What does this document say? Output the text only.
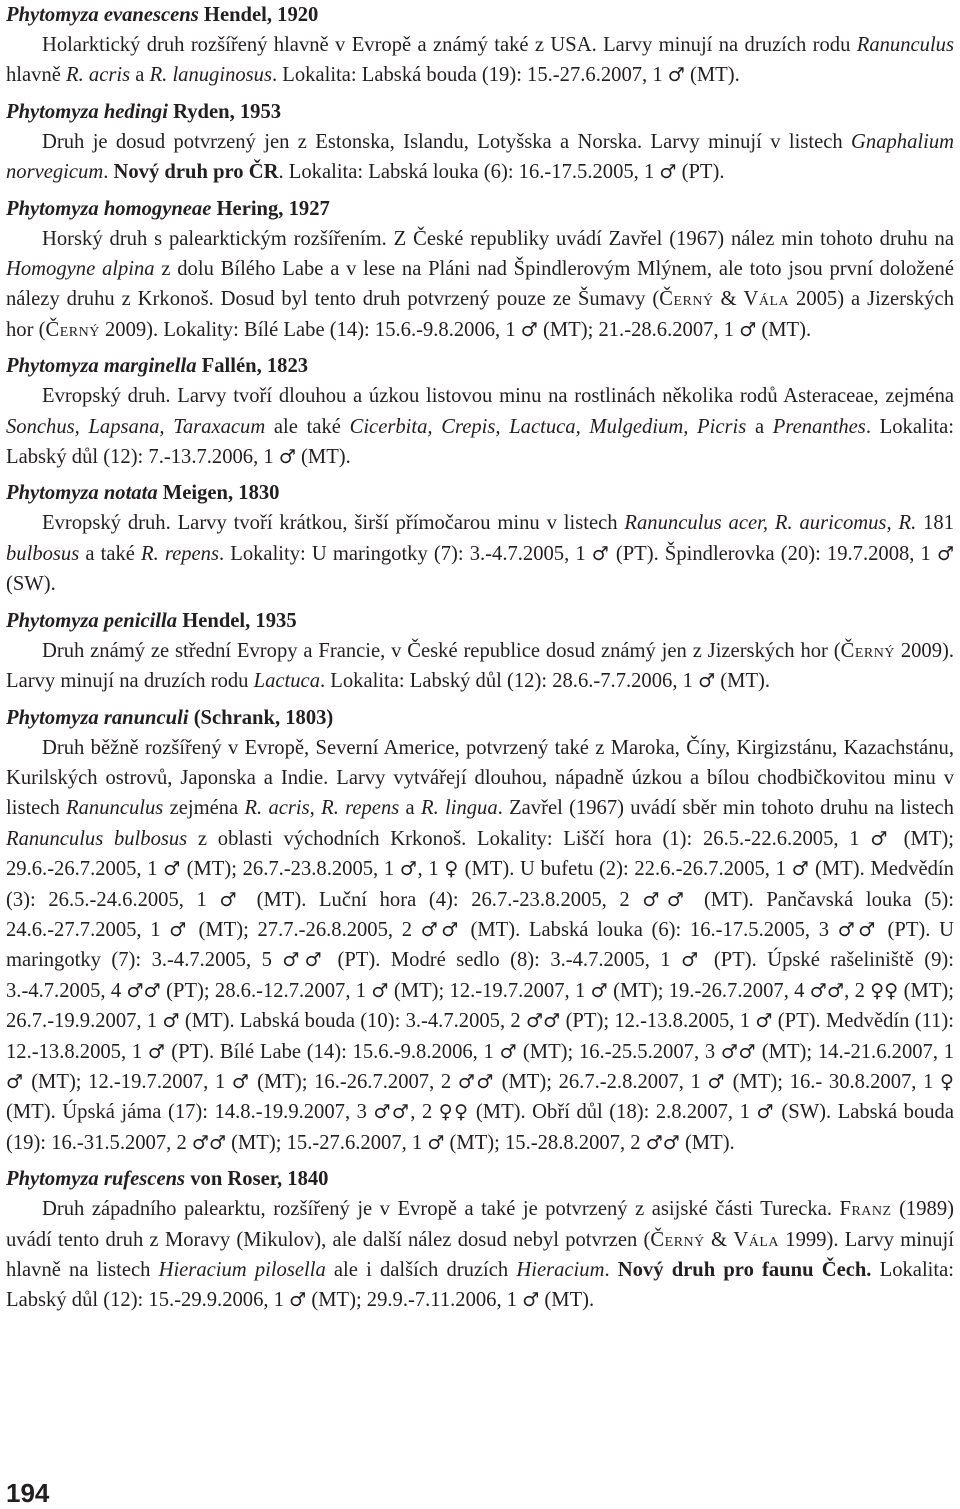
Phytomyza evanescens Hendel, 1920

Holarktický druh rozšířený hlavně v Evropě a známý také z USA. Larvy minují na druzích rodu Ranunculus hlavně R. acris a R. lanuginosus. Lokalita: Labská bouda (19): 15.-27.6.2007, 1 ♂ (MT).

Phytomyza hedingi Ryden, 1953

Druh je dosud potvrzený jen z Estonska, Islandu, Lotyšska a Norska. Larvy minují v listech Gnaphalium norvegicum. Nový druh pro ČR. Lokalita: Labská louka (6): 16.-17.5.2005, 1 ♂ (PT).

Phytomyza homogyneae Hering, 1927

Horský druh s palearktickým rozšířením. Z České republiky uvádí Zavřel (1967) nález min tohoto druhu na Homogyne alpina z dolu Bílého Labe a v lese na Pláni nad Špindlerovým Mlýnem, ale toto jsou první doložené nálezy druhu z Krkonoš. Dosud byl tento druh potvrzený pouze ze Šumavy (Černý & Vála 2005) a Jizerských hor (Černý 2009). Lokality: Bílé Labe (14): 15.6.-9.8.2006, 1 ♂ (MT); 21.-28.6.2007, 1 ♂ (MT).

Phytomyza marginella Fallén, 1823

Evropský druh. Larvy tvoří dlouhou a úzkou listovou minu na rostlinách několika rodů Asteraceae, zejména Sonchus, Lapsana, Taraxacum ale také Cicerbita, Crepis, Lactuca, Mulgedium, Picris a Prenanthes. Lokalita: Labský důl (12): 7.-13.7.2006, 1 ♂ (MT).

Phytomyza notata Meigen, 1830

Evropský druh. Larvy tvoří krátkou, širší přímočarou minu v listech Ranunculus acer, R. auricomus, R. 181 bulbosus a také R. repens. Lokality: U maringotky (7): 3.-4.7.2005, 1 ♂ (PT). Špindlerovka (20): 19.7.2008, 1 ♂ (SW).

Phytomyza penicilla Hendel, 1935

Druh známý ze střední Evropy a Francie, v České republice dosud známý jen z Jizerských hor (Černý 2009). Larvy minují na druzích rodu Lactuca. Lokalita: Labský důl (12): 28.6.-7.7.2006, 1 ♂ (MT).

Phytomyza ranunculi (Schrank, 1803)

Druh běžně rozšířený v Evropě, Severní Americe, potvrzený také z Maroka, Číny, Kirgizstánu, Kazachstánu, Kurilských ostrovů, Japonska a Indie. Larvy vytvářejí dlouhou, nápadně úzkou a bílou chodbičkovitou minu v listech Ranunculus zejména R. acris, R. repens a R. lingua. Zavřel (1967) uvádí sběr min tohoto druhu na listech Ranunculus bulbosus z oblasti východních Krkonoš. Lokality: Liščí hora (1): 26.5.-22.6.2005, 1 ♂ (MT); 29.6.-26.7.2005, 1 ♂ (MT); 26.7.-23.8.2005, 1 ♂, 1 ♀ (MT). U bufetu (2): 22.6.-26.7.2005, 1 ♂ (MT). Medvědín (3): 26.5.-24.6.2005, 1 ♂ (MT). Luční hora (4): 26.7.-23.8.2005, 2 ♂♂ (MT). Pančavská louka (5): 24.6.-27.7.2005, 1 ♂ (MT); 27.7.-26.8.2005, 2 ♂♂ (MT). Labská louka (6): 16.-17.5.2005, 3 ♂♂ (PT). U maringotky (7): 3.-4.7.2005, 5 ♂♂ (PT). Modré sedlo (8): 3.-4.7.2005, 1 ♂ (PT). Úpské rašeliniště (9): 3.-4.7.2005, 4 ♂♂ (PT); 28.6.-12.7.2007, 1 ♂ (MT); 12.-19.7.2007, 1 ♂ (MT); 19.-26.7.2007, 4 ♂♂, 2 ♀♀ (MT); 26.7.-19.9.2007, 1 ♂ (MT). Labská bouda (10): 3.-4.7.2005, 2 ♂♂ (PT); 12.-13.8.2005, 1 ♂ (PT). Medvědín (11): 12.-13.8.2005, 1 ♂ (PT). Bílé Labe (14): 15.6.-9.8.2006, 1 ♂ (MT); 16.-25.5.2007, 3 ♂♂ (MT); 14.-21.6.2007, 1 ♂ (MT); 12.-19.7.2007, 1 ♂ (MT); 16.-26.7.2007, 2 ♂♂ (MT); 26.7.-2.8.2007, 1 ♂ (MT); 16.- 30.8.2007, 1 ♀ (MT). Úpská jáma (17): 14.8.-19.9.2007, 3 ♂♂, 2 ♀♀ (MT). Obří důl (18): 2.8.2007, 1 ♂ (SW). Labská bouda (19): 16.-31.5.2007, 2 ♂♂ (MT); 15.-27.6.2007, 1 ♂ (MT); 15.-28.8.2007, 2 ♂♂ (MT).

Phytomyza rufescens von Roser, 1840

Druh západního palearktu, rozšířený je v Evropě a také je potvrzený z asijské části Turecka. Franz (1989) uvádí tento druh z Moravy (Mikulov), ale další nález dosud nebyl potvrzen (Černý & Vála 1999). Larvy minují hlavně na listech Hieracium pilosella ale i dalších druzích Hieracium. Nový druh pro faunu Čech. Lokalita: Labský důl (12): 15.-29.9.2006, 1 ♂ (MT); 29.9.-7.11.2006, 1 ♂ (MT).

194
